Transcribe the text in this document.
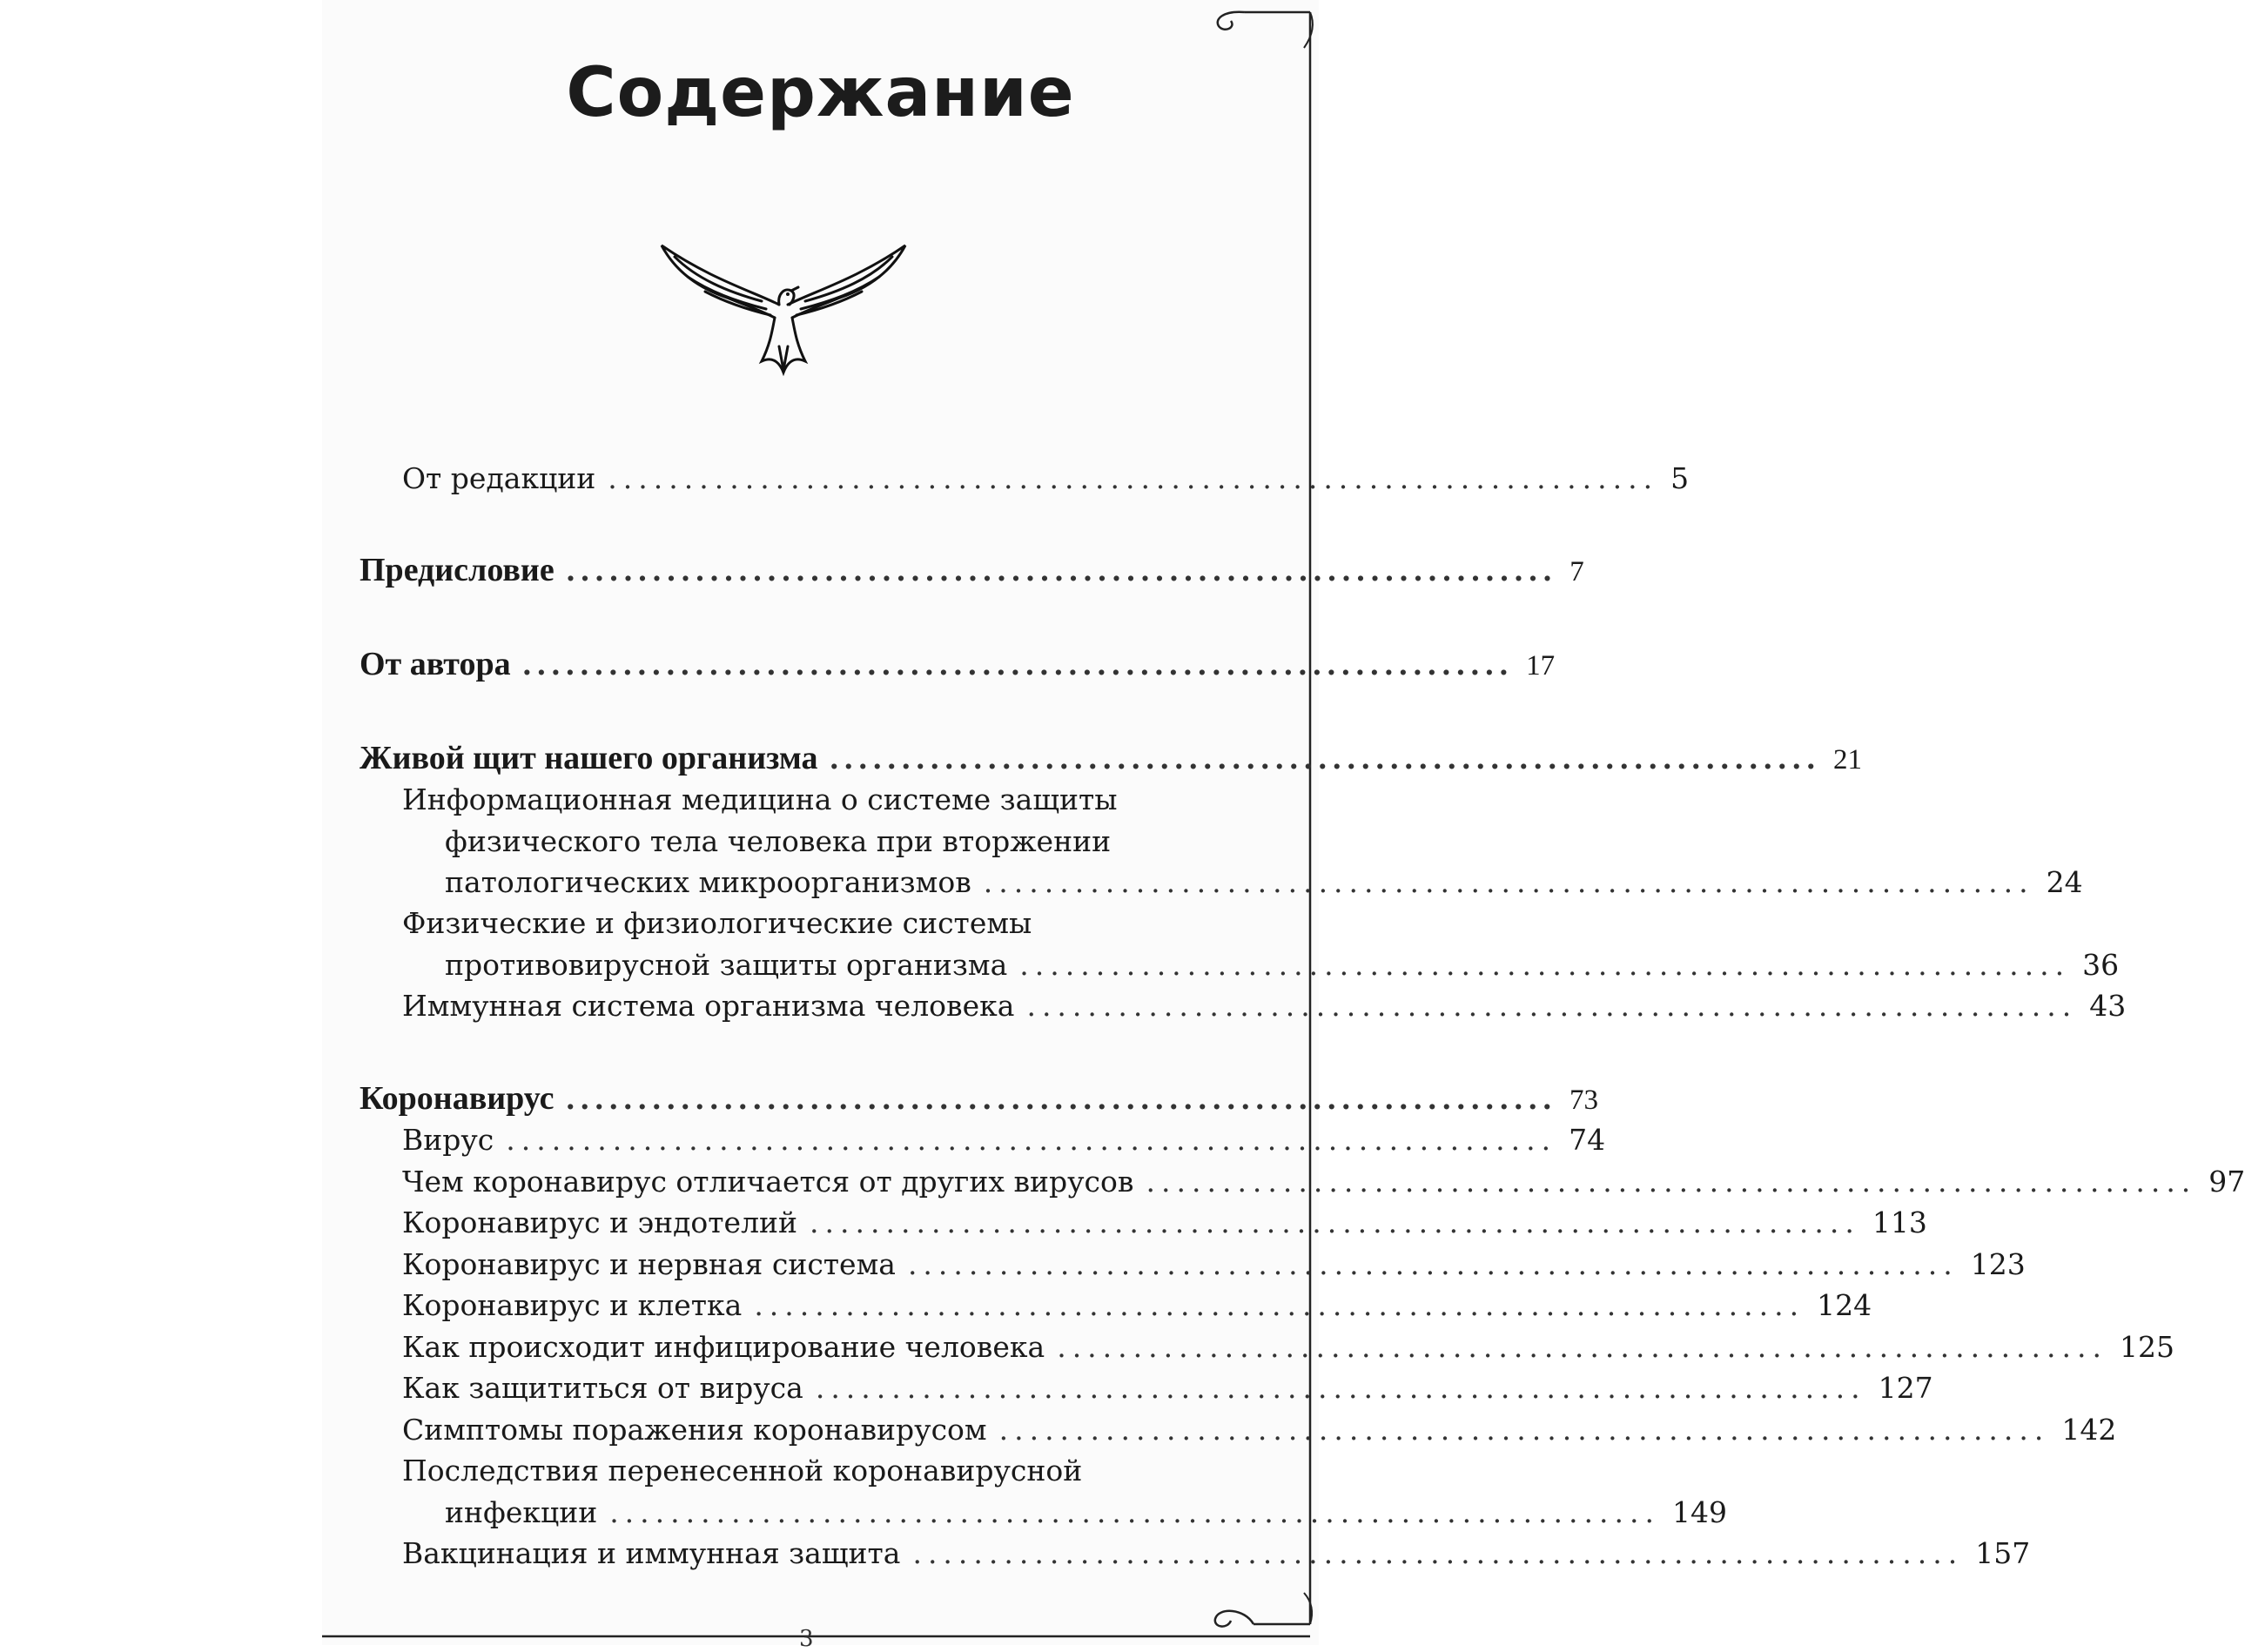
Содержание
От редакции ..................................................................... 5
Предисловие ..................................................................... 7
От автора ..................................................................... 17
Живой щит нашего организма ..................................................................... 21
Информационная медицина о системе защиты
физического тела человека при вторжении
патологических микроорганизмов ..................................................................... 24
Физические и физиологические системы
противовирусной защиты организма ..................................................................... 36
Иммунная система организма человека ..................................................................... 43
Коронавирус ..................................................................... 73
Вирус ..................................................................... 74
Чем коронавирус отличается от других вирусов ..................................................................... 97
Коронавирус и эндотелий ..................................................................... 113
Коронавирус и нервная система ..................................................................... 123
Коронавирус и клетка ..................................................................... 124
Как происходит инфицирование человека ..................................................................... 125
Как защититься от вируса ..................................................................... 127
Симптомы поражения коронавирусом ..................................................................... 142
Последствия перенесенной коронавирусной
инфекции ..................................................................... 149
Вакцинация и иммунная защита ..................................................................... 157
3
